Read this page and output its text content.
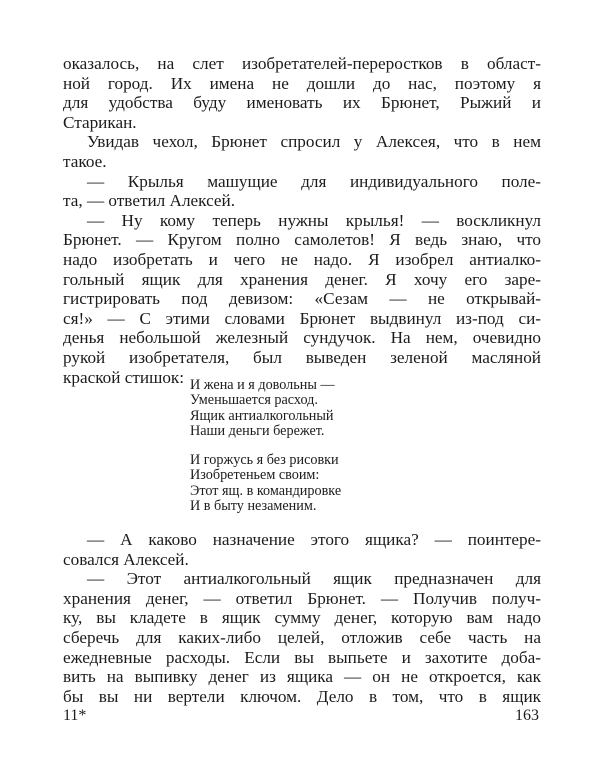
оказалось, на слет изобретателей-переростков в област-
ной город. Их имена не дошли до нас, поэтому я
для удобства буду именовать их Брюнет, Рыжий и
Старикан.
Увидав чехол, Брюнет спросил у Алексея, что в нем
такое.
— Крылья машущие для индивидуального поле-
та, — ответил Алексей.
— Ну кому теперь нужны крылья! — воскликнул
Брюнет. — Кругом полно самолетов! Я ведь знаю, что
надо изобретать и чего не надо. Я изобрел антиалко-
гольный ящик для хранения денег. Я хочу его заре-
гистрировать под девизом: «Сезам — не открывай-
ся!» — С этими словами Брюнет выдвинул из-под си-
денья небольшой железный сундучок. На нем, очевидно
рукой изобретателя, был выведен зеленой масляной
краской стишок: И жена и я довольны —
Уменьшается расход.
Ящик антиалкогольный
Наши деньги бережет.
И горжусь я без рисовки
Изобретеньем своим:
Этот ящ. в командировке
И в быту незаменим.
— А каково назначение этого ящика? — поинтере-
совался Алексей.
— Этот антиалкогольный ящик предназначен для
хранения денег, — ответил Брюнет. — Получив получ-
ку, вы кладете в ящик сумму денег, которую вам надо
сберечь для каких-либо целей, отложив себе часть на
ежедневные расходы. Если вы выпьете и захотите доба-
вить на выпивку денег из ящика — он не откроется, как
бы вы ни вертели ключом. Дело в том, что в ящик
11*	163
